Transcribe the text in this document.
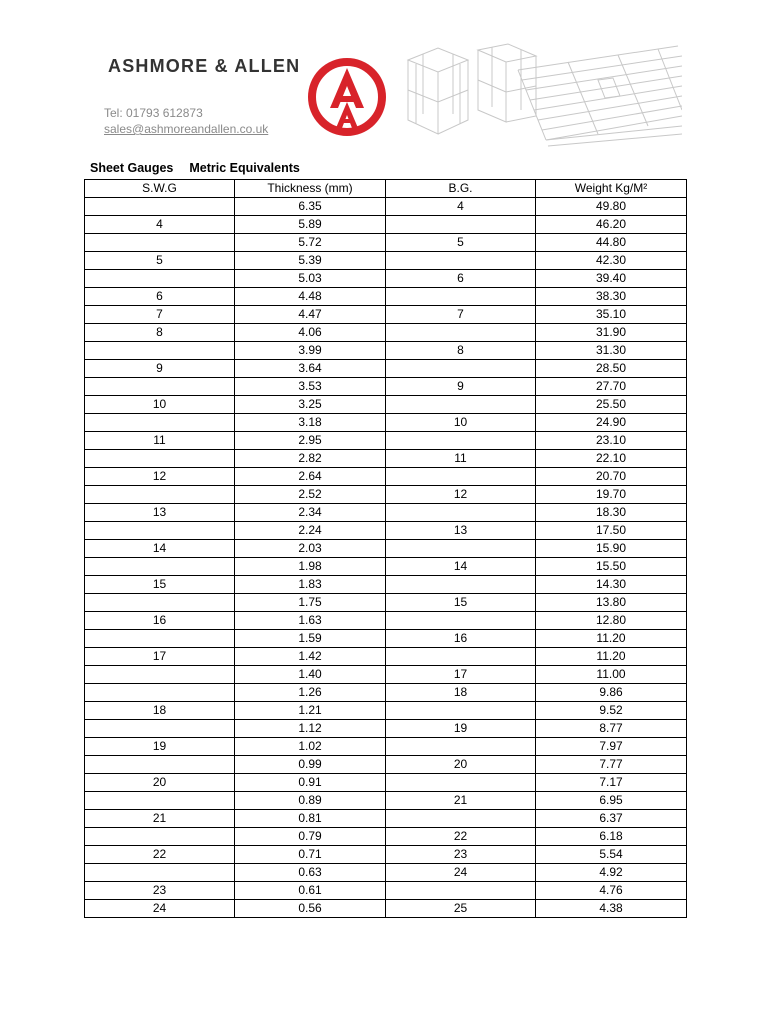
ASHMORE & ALLEN
Tel: 01793 612873
sales@ashmoreandallen.co.uk
Sheet Gauges Metric Equivalents
S.W.G	Thickness (mm)	B.G.	Weight Kg/M²
	6.35	4	49.80
4	5.89		46.20
	5.72	5	44.80
5	5.39		42.30
	5.03	6	39.40
6	4.48		38.30
7	4.47	7	35.10
8	4.06		31.90
	3.99	8	31.30
9	3.64		28.50
	3.53	9	27.70
10	3.25		25.50
	3.18	10	24.90
11	2.95		23.10
	2.82	11	22.10
12	2.64		20.70
	2.52	12	19.70
13	2.34		18.30
	2.24	13	17.50
14	2.03		15.90
	1.98	14	15.50
15	1.83		14.30
	1.75	15	13.80
16	1.63		12.80
	1.59	16	11.20
17	1.42		11.20
	1.40	17	11.00
	1.26	18	9.86
18	1.21		9.52
	1.12	19	8.77
19	1.02		7.97
	0.99	20	7.77
20	0.91		7.17
	0.89	21	6.95
21	0.81		6.37
	0.79	22	6.18
22	0.71	23	5.54
	0.63	24	4.92
23	0.61		4.76
24	0.56	25	4.38
